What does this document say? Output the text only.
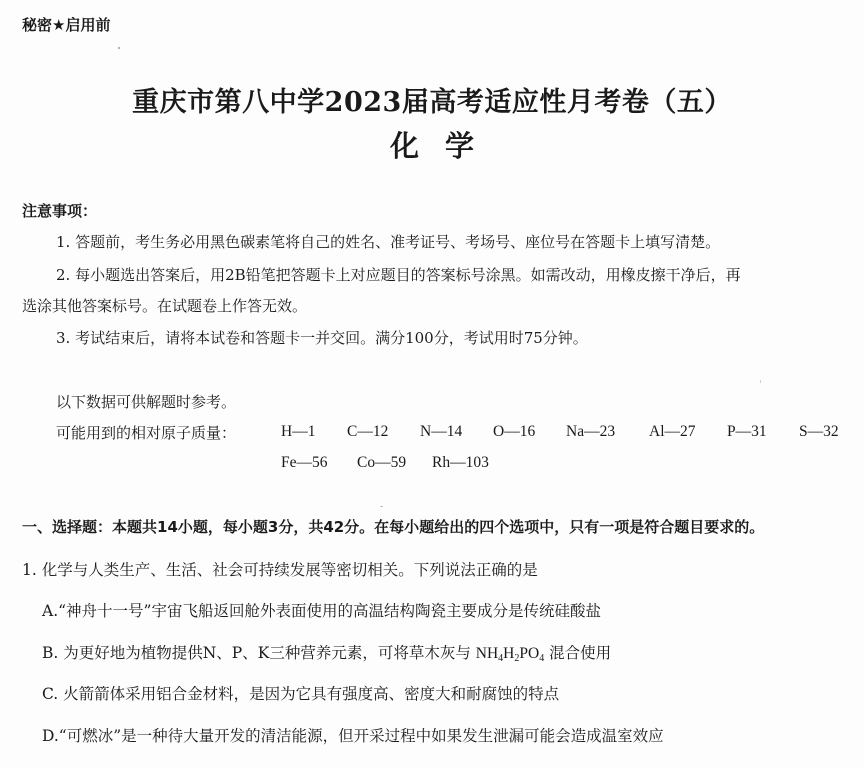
秘密★启用前
重庆市第八中学2023届高考适应性月考卷（五）
化学
注意事项：
1. 答题前，考生务必用黑色碳素笔将自己的姓名、准考证号、考场号、座位号在答题卡上填写清楚。
2. 每小题选出答案后，用2B铅笔把答题卡上对应题目的答案标号涂黑。如需改动，用橡皮擦干净后，再
选涂其他答案标号。在试题卷上作答无效。
3. 考试结束后，请将本试卷和答题卡一并交回。满分100分，考试用时75分钟。
以下数据可供解题时参考。
可能用到的相对原子质量：	H—1 C—12 N—14 O—16 Na—23 Al—27 P—31 S—32
Fe—56 Co—59 Rh—103
一、选择题：本题共14小题，每小题3分，共42分。在每小题给出的四个选项中，只有一项是符合题目要求的。
1. 化学与人类生产、生活、社会可持续发展等密切相关。下列说法正确的是
A.“神舟十一号”宇宙飞船返回舱外表面使用的高温结构陶瓷主要成分是传统硅酸盐
B. 为更好地为植物提供N、P、K三种营养元素，可将草木灰与 $NH_4H_2PO_4$ 混合使用
C. 火箭箭体采用铝合金材料，是因为它具有强度高、密度大和耐腐蚀的特点
D.“可燃冰”是一种待大量开发的清洁能源，但开采过程中如果发生泄漏可能会造成温室效应
